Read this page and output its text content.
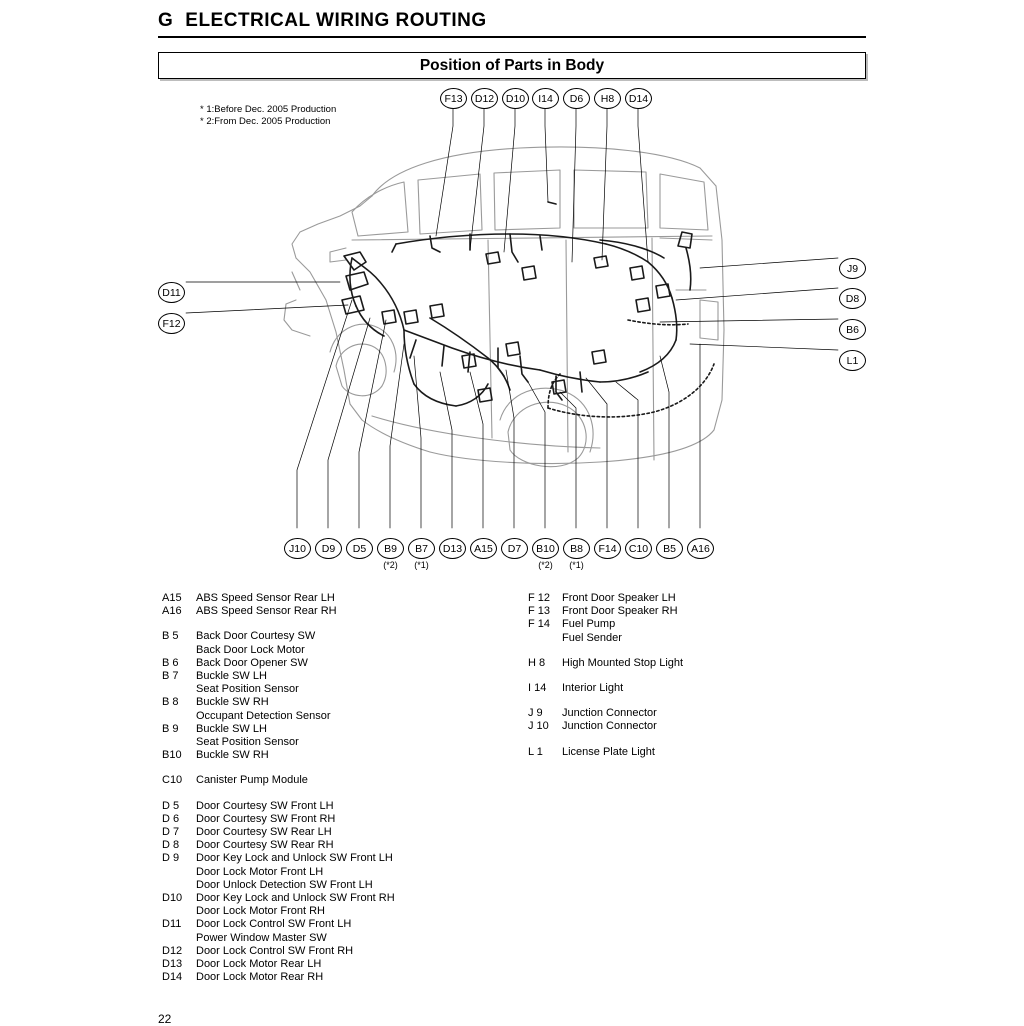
G ELECTRICAL WIRING ROUTING
Position of Parts in Body
* 1:Before Dec. 2005 Production
* 2:From Dec. 2005 Production
F13	D12	D10	I14	D6	H8	D14
D11
F12
J9
D8
B6
L1
J10	D9	D5	B9
(*2)
B7
(*1)
D13	A15	D7	B10
(*2)
B8
(*1)
F14	C10	B5	A16
A15	ABS Speed Sensor Rear LH
A16	ABS Speed Sensor Rear RH
B 5	Back Door Courtesy SW
Back Door Lock Motor
B 6	Back Door Opener SW
B 7	Buckle SW LH
Seat Position Sensor
B 8	Buckle SW RH
Occupant Detection Sensor
B 9	Buckle SW LH
Seat Position Sensor
B10	Buckle SW RH
C10	Canister Pump Module
D 5	Door Courtesy SW Front LH
D 6	Door Courtesy SW Front RH
D 7	Door Courtesy SW Rear LH
D 8	Door Courtesy SW Rear RH
D 9	Door Key Lock and Unlock SW Front LH
Door Lock Motor Front LH
Door Unlock Detection SW Front LH
D10	Door Key Lock and Unlock SW Front RH
Door Lock Motor Front RH
D11	Door Lock Control SW Front LH
Power Window Master SW
D12	Door Lock Control SW Front RH
D13	Door Lock Motor Rear LH
D14	Door Lock Motor Rear RH
F 12	Front Door Speaker LH
F 13	Front Door Speaker RH
F 14	Fuel Pump
Fuel Sender
H 8	High Mounted Stop Light
I 14	Interior Light
J 9	Junction Connector
J 10	Junction Connector
L 1	License Plate Light
22
